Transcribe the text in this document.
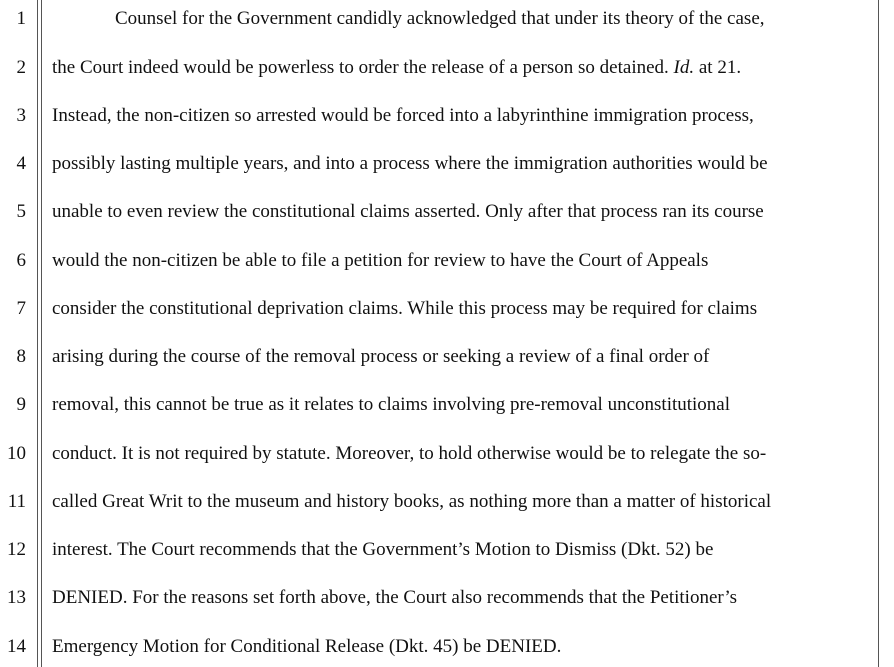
1
2
3
4
5
6
7
8
9
10
11
12
13
14
Counsel for the Government candidly acknowledged that under its theory of the case,
the Court indeed would be powerless to order the release of a person so detained. Id. at 21.
Instead, the non-citizen so arrested would be forced into a labyrinthine immigration process,
possibly lasting multiple years, and into a process where the immigration authorities would be
unable to even review the constitutional claims asserted. Only after that process ran its course
would the non-citizen be able to file a petition for review to have the Court of Appeals
consider the constitutional deprivation claims. While this process may be required for claims
arising during the course of the removal process or seeking a review of a final order of
removal, this cannot be true as it relates to claims involving pre-removal unconstitutional
conduct. It is not required by statute. Moreover, to hold otherwise would be to relegate the so-
called Great Writ to the museum and history books, as nothing more than a matter of historical
interest. The Court recommends that the Government’s Motion to Dismiss (Dkt. 52) be
DENIED. For the reasons set forth above, the Court also recommends that the Petitioner’s
Emergency Motion for Conditional Release (Dkt. 45) be DENIED.
